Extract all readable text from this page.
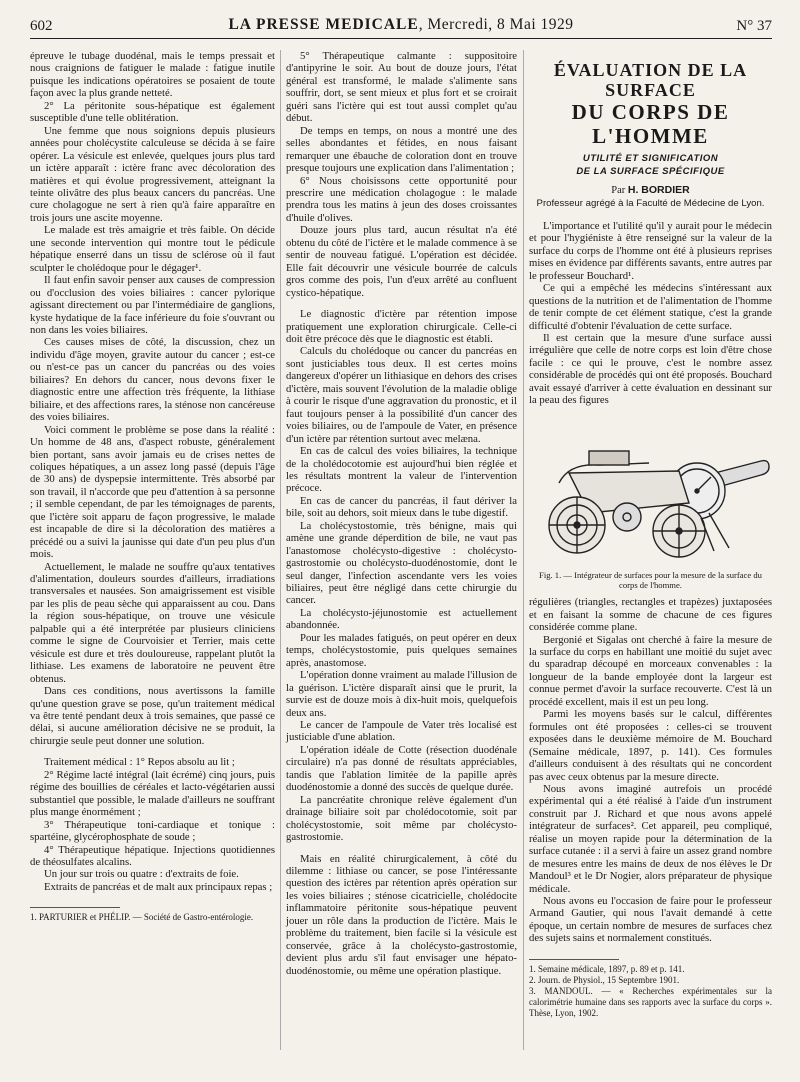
602	LA PRESSE MEDICALE, Mercredi, 8 Mai 1929	N° 37

épreuve le tubage duodénal, mais le temps pressait et nous craignions de fatiguer le malade : fatigue inutile puisque les indications opératoires se posaient de toute façon avec la plus grande netteté.

2° La péritonite sous-hépatique est également susceptible d'une telle oblitération.

Une femme que nous soignions depuis plusieurs années pour cholécystite calculeuse se décida à se faire opérer. La vésicule est enlevée, quelques jours plus tard un ictère apparaît : ictère franc avec décoloration des matières et qui évolue progressivement, atteignant la teinte olivâtre des plus beaux cancers du pancréas. Une cure cholagogue ne sert à rien qu'à faire apparaître en trois jours une ascite moyenne.

Le malade est très amaigrie et très faible. On décide une seconde intervention qui montre tout le pédicule hépatique enserré dans un tissu de sclérose où il faut sculpter le cholédoque pour le dégager¹.

Il faut enfin savoir penser aux causes de compression ou d'occlusion des voies biliaires : cancer pylorique agissant directement ou par l'intermédiaire de ganglions, kyste hydatique de la face inférieure du foie s'ouvrant ou non dans les voies biliaires.

Ces causes mises de côté, la discussion, chez un individu d'âge moyen, gravite autour du cancer ; est-ce ou n'est-ce pas un cancer du pancréas ou des voies biliaires? En dehors du cancer, nous devons fixer le diagnostic entre une affection très fréquente, la lithiase biliaire, et des affections rares, la sténose non cancéreuse des voies biliaires.

Voici comment le problème se pose dans la réalité : Un homme de 48 ans, d'aspect robuste, généralement bien portant, sans avoir jamais eu de crises nettes de coliques hépatiques, a un assez long passé (depuis l'âge de 30 ans) de dyspepsie intermittente. Très absorbé par son travail, il n'accorde que peu d'attention à sa personne ; il semble cependant, de par les témoignages de parents, que l'ictère soit apparu de façon progressive, le malade est incapable de dire si la décoloration des matières a précédé ou a suivi la jaunisse qui date d'un peu plus d'un mois.

Actuellement, le malade ne souffre qu'aux tentatives d'alimentation, douleurs sourdes d'ailleurs, irradiations transversales et nausées. Son amaigrissement est visible par les plis de peau sèche qui apparaissent au cou. Dans la région sous-hépatique, on trouve une vésicule palpable qui a été interprétée par plusieurs cliniciens comme le signe de Courvoisier et Terrier, mais cette vésicule est dure et très douloureuse, rappelant plutôt la lithiase. Les examens de laboratoire ne peuvent être obtenus.

Dans ces conditions, nous avertissons la famille qu'une question grave se pose, qu'un traitement médical va être tenté pendant deux à trois semaines, que passé ce délai, si aucune amélioration décisive ne se produit, la chirurgie seule peut donner une solution.

Traitement médical : 1° Repos absolu au lit ;

2° Régime lacté intégral (lait écrémé) cinq jours, puis régime des bouillies de céréales et lacto-végétarien aussi substantiel que possible, le malade d'ailleurs ne souffrant plus mange énormément ;

3° Thérapeutique toni-cardiaque et tonique : spartéine, glycérophosphate de soude ;

4° Thérapeutique hépatique. Injections quotidiennes de théosulfates alcalins.

Un jour sur trois ou quatre : d'extraits de foie.

Extraits de pancréas et de malt aux principaux repas ;

1. PARTURIER et PHÉLIP. — Société de Gastro-entérologie.

5° Thérapeutique calmante : suppositoire d'antipyrine le soir. Au bout de douze jours, l'état général est transformé, le malade s'alimente sans souffrir, dort, se sent mieux et plus fort et se croirait guéri sans l'ictère qui est tout aussi complet qu'au début.

De temps en temps, on nous a montré une des selles abondantes et fétides, en nous faisant remarquer une ébauche de coloration dont en trouve presque toujours une explication dans l'alimentation ;

6° Nous choisissons cette opportunité pour prescrire une médication cholagogue : le malade prendra tous les matins à jeun des doses croissantes d'huile d'olives.

Douze jours plus tard, aucun résultat n'a été obtenu du côté de l'ictère et le malade commence à se sentir de nouveau fatigué. L'opération est décidée. Elle fait découvrir une vésicule bourrée de calculs gros comme des pois, l'un d'eux arrêté au confluent cystico-hépatique.

Le diagnostic d'ictère par rétention impose pratiquement une exploration chirurgicale. Celle-ci doit être précoce dès que le diagnostic est établi.

Calculs du cholédoque ou cancer du pancréas en sont justiciables tous deux. Il est certes moins dangereux d'opérer un lithiasique en dehors des crises d'ictère, mais souvent l'évolution de la maladie oblige à courir le risque d'une aggravation du pronostic, et il faut toujours penser à la possibilité d'un cancer des voies biliaires, ou de l'ampoule de Vater, en présence d'un ictère par rétention surtout avec melæna.

En cas de calcul des voies biliaires, la technique de la cholédocotomie est aujourd'hui bien réglée et les résultats montrent la valeur de l'intervention précoce.

En cas de cancer du pancréas, il faut dériver la bile, soit au dehors, soit mieux dans le tube digestif.

La cholécystostomie, très bénigne, mais qui amène une grande déperdition de bile, ne vaut pas l'anastomose cholécysto-digestive : cholécysto-gastrostomie ou cholécysto-duodénostomie, dont le seul danger, l'infection ascendante vers les voies biliaires, peut être négligé dans cette chirurgie du cancer.

La cholécysto-jéjunostomie est actuellement abandonnée.

Pour les malades fatigués, on peut opérer en deux temps, cholécystostomie, puis quelques semaines après, anastomose.

L'opération donne vraiment au malade l'illusion de la guérison. L'ictère disparaît ainsi que le prurit, la survie est de douze mois à dix-huit mois, quelquefois deux ans.

Le cancer de l'ampoule de Vater très localisé est justiciable d'une ablation.

L'opération idéale de Cotte (résection duodénale circulaire) n'a pas donné de résultats appréciables, tandis que l'ablation limitée de la papille après duodénostomie a donné des succès de quelque durée.

La pancréatite chronique relève également d'un drainage biliaire soit par cholédocotomie, soit par cholécystostomie, soit même par cholécysto-gastrostomie.

Mais en réalité chirurgicalement, à côté du dilemme : lithiase ou cancer, se pose l'intéressante question des ictères par rétention après opération sur les voies biliaires ; sténose cicatricielle, cholédocite inflammatoire péritonite sous-hépatique peuvent jouer un rôle dans la production de l'ictère. Mais le problème du traitement, bien facile si la vésicule est conservée, grâce à la cholécysto-gastrostomie, devient plus ardu s'il faut envisager une hépato-duodénostomie, ou même une opération plastique.

ÉVALUATION DE LA SURFACE
DU CORPS DE L'HOMME
UTILITÉ ET SIGNIFICATION
DE LA SURFACE SPÉCIFIQUE
Par H. BORDIER
Professeur agrégé à la Faculté de Médecine de Lyon.

L'importance et l'utilité qu'il y aurait pour le médecin et pour l'hygiéniste à être renseigné sur la valeur de la surface du corps de l'homme ont été à plusieurs reprises mises en évidence par différents savants, entre autres par le professeur Bouchard¹.

Ce qui a empêché les médecins s'intéressant aux questions de la nutrition et de l'alimentation de l'homme de tenir compte de cet élément statique, c'est la grande difficulté d'obtenir l'évaluation de cette surface.

Il est certain que la mesure d'une surface aussi irrégulière que celle de notre corps est loin d'être chose facile : ce qui le prouve, c'est le nombre assez considérable de procédés qui ont été proposés. Bouchard avait essayé d'arriver à cette évaluation en dessinant sur la peau des figures

Fig. 1. — Intégrateur de surfaces pour la mesure de la surface du corps de l'homme.

régulières (triangles, rectangles et trapèzes) juxtaposées et en faisant la somme de chacune de ces figures considérée comme plane.

Bergonié et Sigalas ont cherché à faire la mesure de la surface du corps en habillant une moitié du sujet avec du sparadrap découpé en morceaux convenables : la longueur de la bande employée dont la largeur est connue permet d'avoir la surface recouverte. C'est là un procédé excellent, mais il est un peu long.

Parmi les moyens basés sur le calcul, différentes formules ont été proposées : celles-ci se trouvent exposées dans le deuxième mémoire de M. Bouchard (Semaine médicale, 1897, p. 141). Ces formules d'ailleurs conduisent à des résultats qui ne concordent pas avec ceux obtenus par la mesure directe.

Nous avons imaginé autrefois un procédé expérimental qui a été réalisé à l'aide d'un instrument construit par J. Richard et que nous avons appelé intégrateur de surfaces². Cet appareil, peu compliqué, réalise un moyen rapide pour la détermination de la surface cutanée : il a servi à faire un assez grand nombre de mesures entre les mains de deux de nos élèves le Dr Mandoul³ et le Dr Nogier, alors préparateur de physique médicale.

Nous avons eu l'occasion de faire pour le professeur Armand Gautier, qui nous l'avait demandé à cette époque, un certain nombre de mesures de surfaces chez des sujets sains et normalement constitués.

1. Semaine médicale, 1897, p. 89 et p. 141.

2. Journ. de Physiol., 15 Septembre 1901.

3. MANDOUL. — « Recherches expérimentales sur la calorimétrie humaine dans ses rapports avec la surface du corps ». Thèse, Lyon, 1902.
